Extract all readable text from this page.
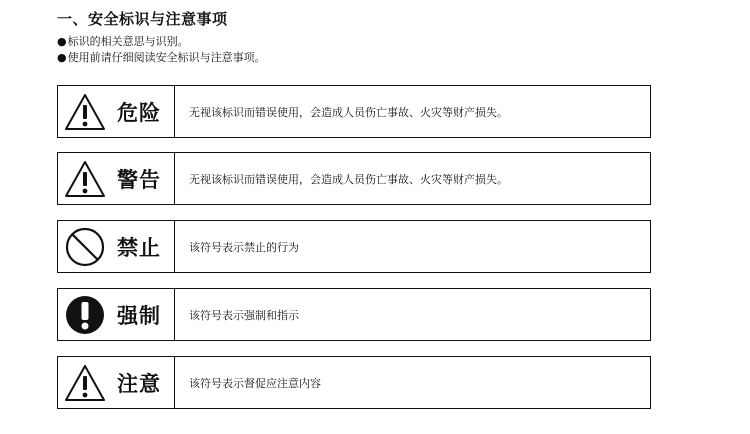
一、安全标识与注意事项
●标识的相关意思与识别。
●使用前请仔细阅读安全标识与注意事项。
危险	无视该标识而错误使用，会造成人员伤亡事故、火灾等财产损失。
警告	无视该标识而错误使用，会造成人员伤亡事故、火灾等财产损失。
禁止	该符号表示禁止的行为
强制	该符号表示强制和指示
注意	该符号表示督促应注意内容
